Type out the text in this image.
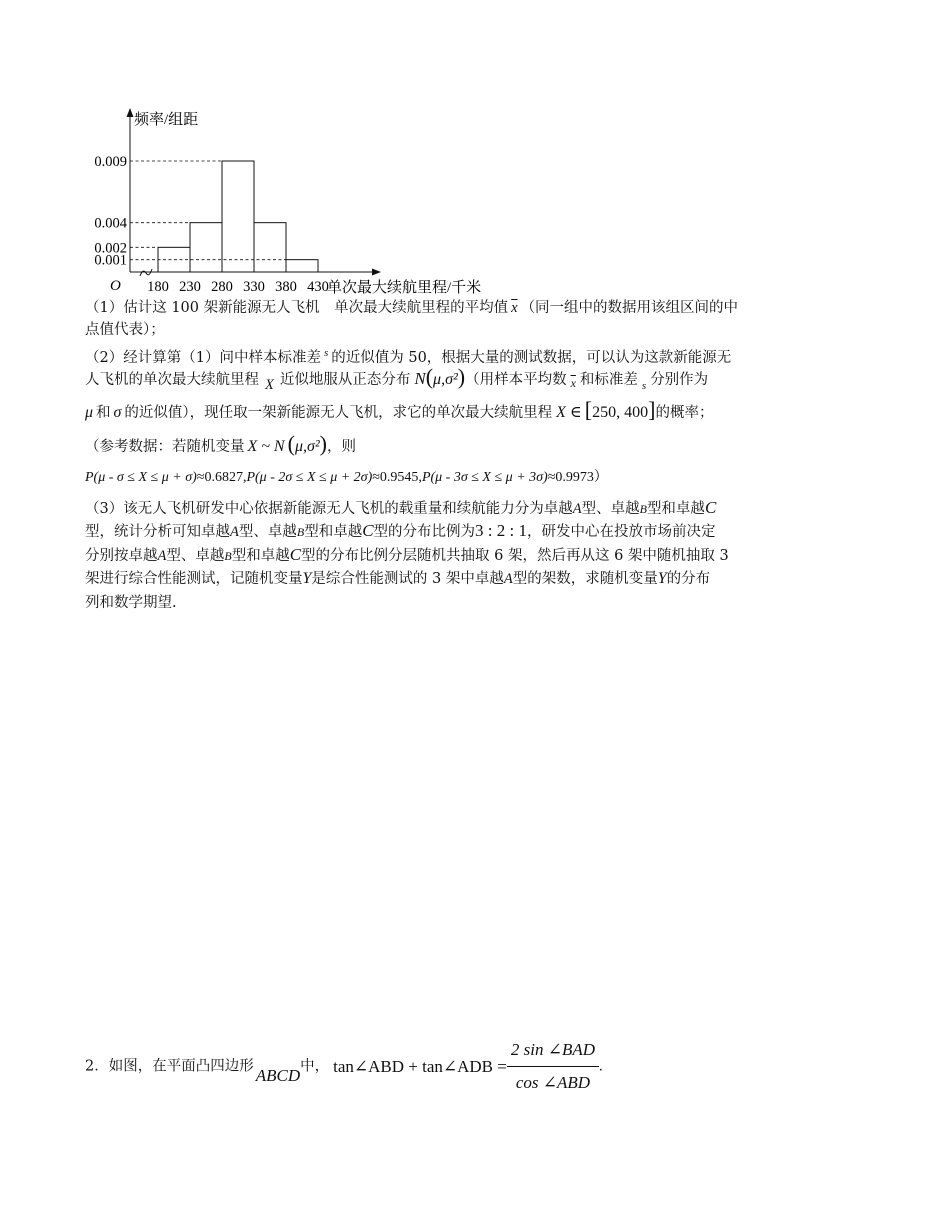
频率/组距
单次最大续航里程/千米
O
0.009
0.004
0.002
0.001
180 230 280 330 380 430
（1）估计这 100 架新能源无人飞机　单次最大续航里程的平均值 $\overline{x}$ （同一组中的数据用该组区间的中
点值代表）；
（2）经计算第（1）问中样本标准差 $^s$ 的近似值为 50，根据大量的测试数据，可以认为这款新能源无
人飞机的单次最大续航里程 X 近似地服从正态分布 N(μ,σ²)（用样本平均数 $_{\overline{x}}$ 和标准差 $_s$ 分别作为
μ 和 σ 的近似值），现任取一架新能源无人飞机，求它的单次最大续航里程 X ∈ [250, 400]的概率；
（参考数据：若随机变量 X ~ N (μ,σ²)，则
P(μ - σ ≤ X ≤ μ + σ)≈0.6827,P(μ - 2σ ≤ X ≤ μ + 2σ)≈0.9545,P(μ - 3σ ≤ X ≤ μ + 3σ)≈0.9973）
（3）该无人飞机研发中心依据新能源无人飞机的载重量和续航能力分为卓越A型、卓越B型和卓越C
型，统计分析可知卓越A型、卓越B型和卓越C型的分布比例为3 : 2 : 1，研发中心在投放市场前决定
分别按卓越A型、卓越B型和卓越C型的分布比例分层随机共抽取 6 架，然后再从这 6 架中随机抽取 3
架进行综合性能测试，记随机变量Y是综合性能测试的 3 架中卓越A型的架数，求随机变量Y的分布
列和数学期望.
2．如图，在平面凸四边形 ABCD中， tan∠ABD + tan∠ADB = $\frac{\text{2 sin ∠BAD}}{\text{cos ∠ABD}}$ .
